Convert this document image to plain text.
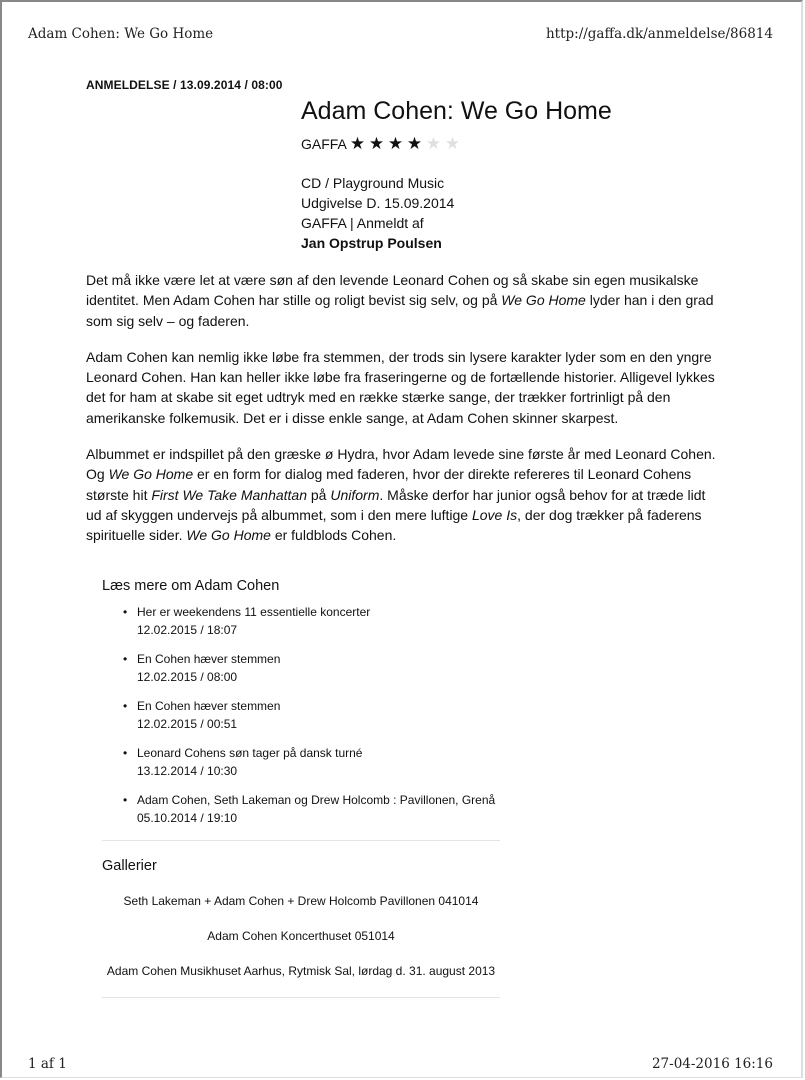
Adam Cohen: We Go Home	http://gaffa.dk/anmeldelse/86814
ANMELDELSE / 13.09.2014 / 08:00
Adam Cohen: We Go Home
GAFFA ★ ★ ★ ★ ★ ★
CD / Playground Music
Udgivelse D. 15.09.2014
GAFFA | Anmeldt af
Jan Opstrup Poulsen

Det må ikke være let at være søn af den levende Leonard Cohen og så skabe sin egen musikalske identitet. Men Adam Cohen har stille og roligt bevist sig selv, og på We Go Home lyder han i den grad som sig selv – og faderen.

Adam Cohen kan nemlig ikke løbe fra stemmen, der trods sin lysere karakter lyder som en den yngre Leonard Cohen. Han kan heller ikke løbe fra fraseringerne og de fortællende historier. Alligevel lykkes det for ham at skabe sit eget udtryk med en række stærke sange, der trækker fortrinligt på den amerikanske folkemusik. Det er i disse enkle sange, at Adam Cohen skinner skarpest.

Albummet er indspillet på den græske ø Hydra, hvor Adam levede sine første år med Leonard Cohen. Og We Go Home er en form for dialog med faderen, hvor der direkte refereres til Leonard Cohens største hit First We Take Manhattan på Uniform. Måske derfor har junior også behov for at træde lidt ud af skyggen undervejs på albummet, som i den mere luftige Love Is, der dog trækker på faderens spirituelle sider. We Go Home er fuldblods Cohen.

Læs mere om Adam Cohen
• Her er weekendens 11 essentielle koncerter
12.02.2015 / 18:07
• En Cohen hæver stemmen
12.02.2015 / 08:00
• En Cohen hæver stemmen
12.02.2015 / 00:51
• Leonard Cohens søn tager på dansk turné
13.12.2014 / 10:30
• Adam Cohen, Seth Lakeman og Drew Holcomb : Pavillonen, Grenå
05.10.2014 / 19:10
Gallerier
Seth Lakeman + Adam Cohen + Drew Holcomb Pavillonen 041014
Adam Cohen Koncerthuset 051014
Adam Cohen Musikhuset Aarhus, Rytmisk Sal, lørdag d. 31. august 2013
1 af 1	27-04-2016 16:16
